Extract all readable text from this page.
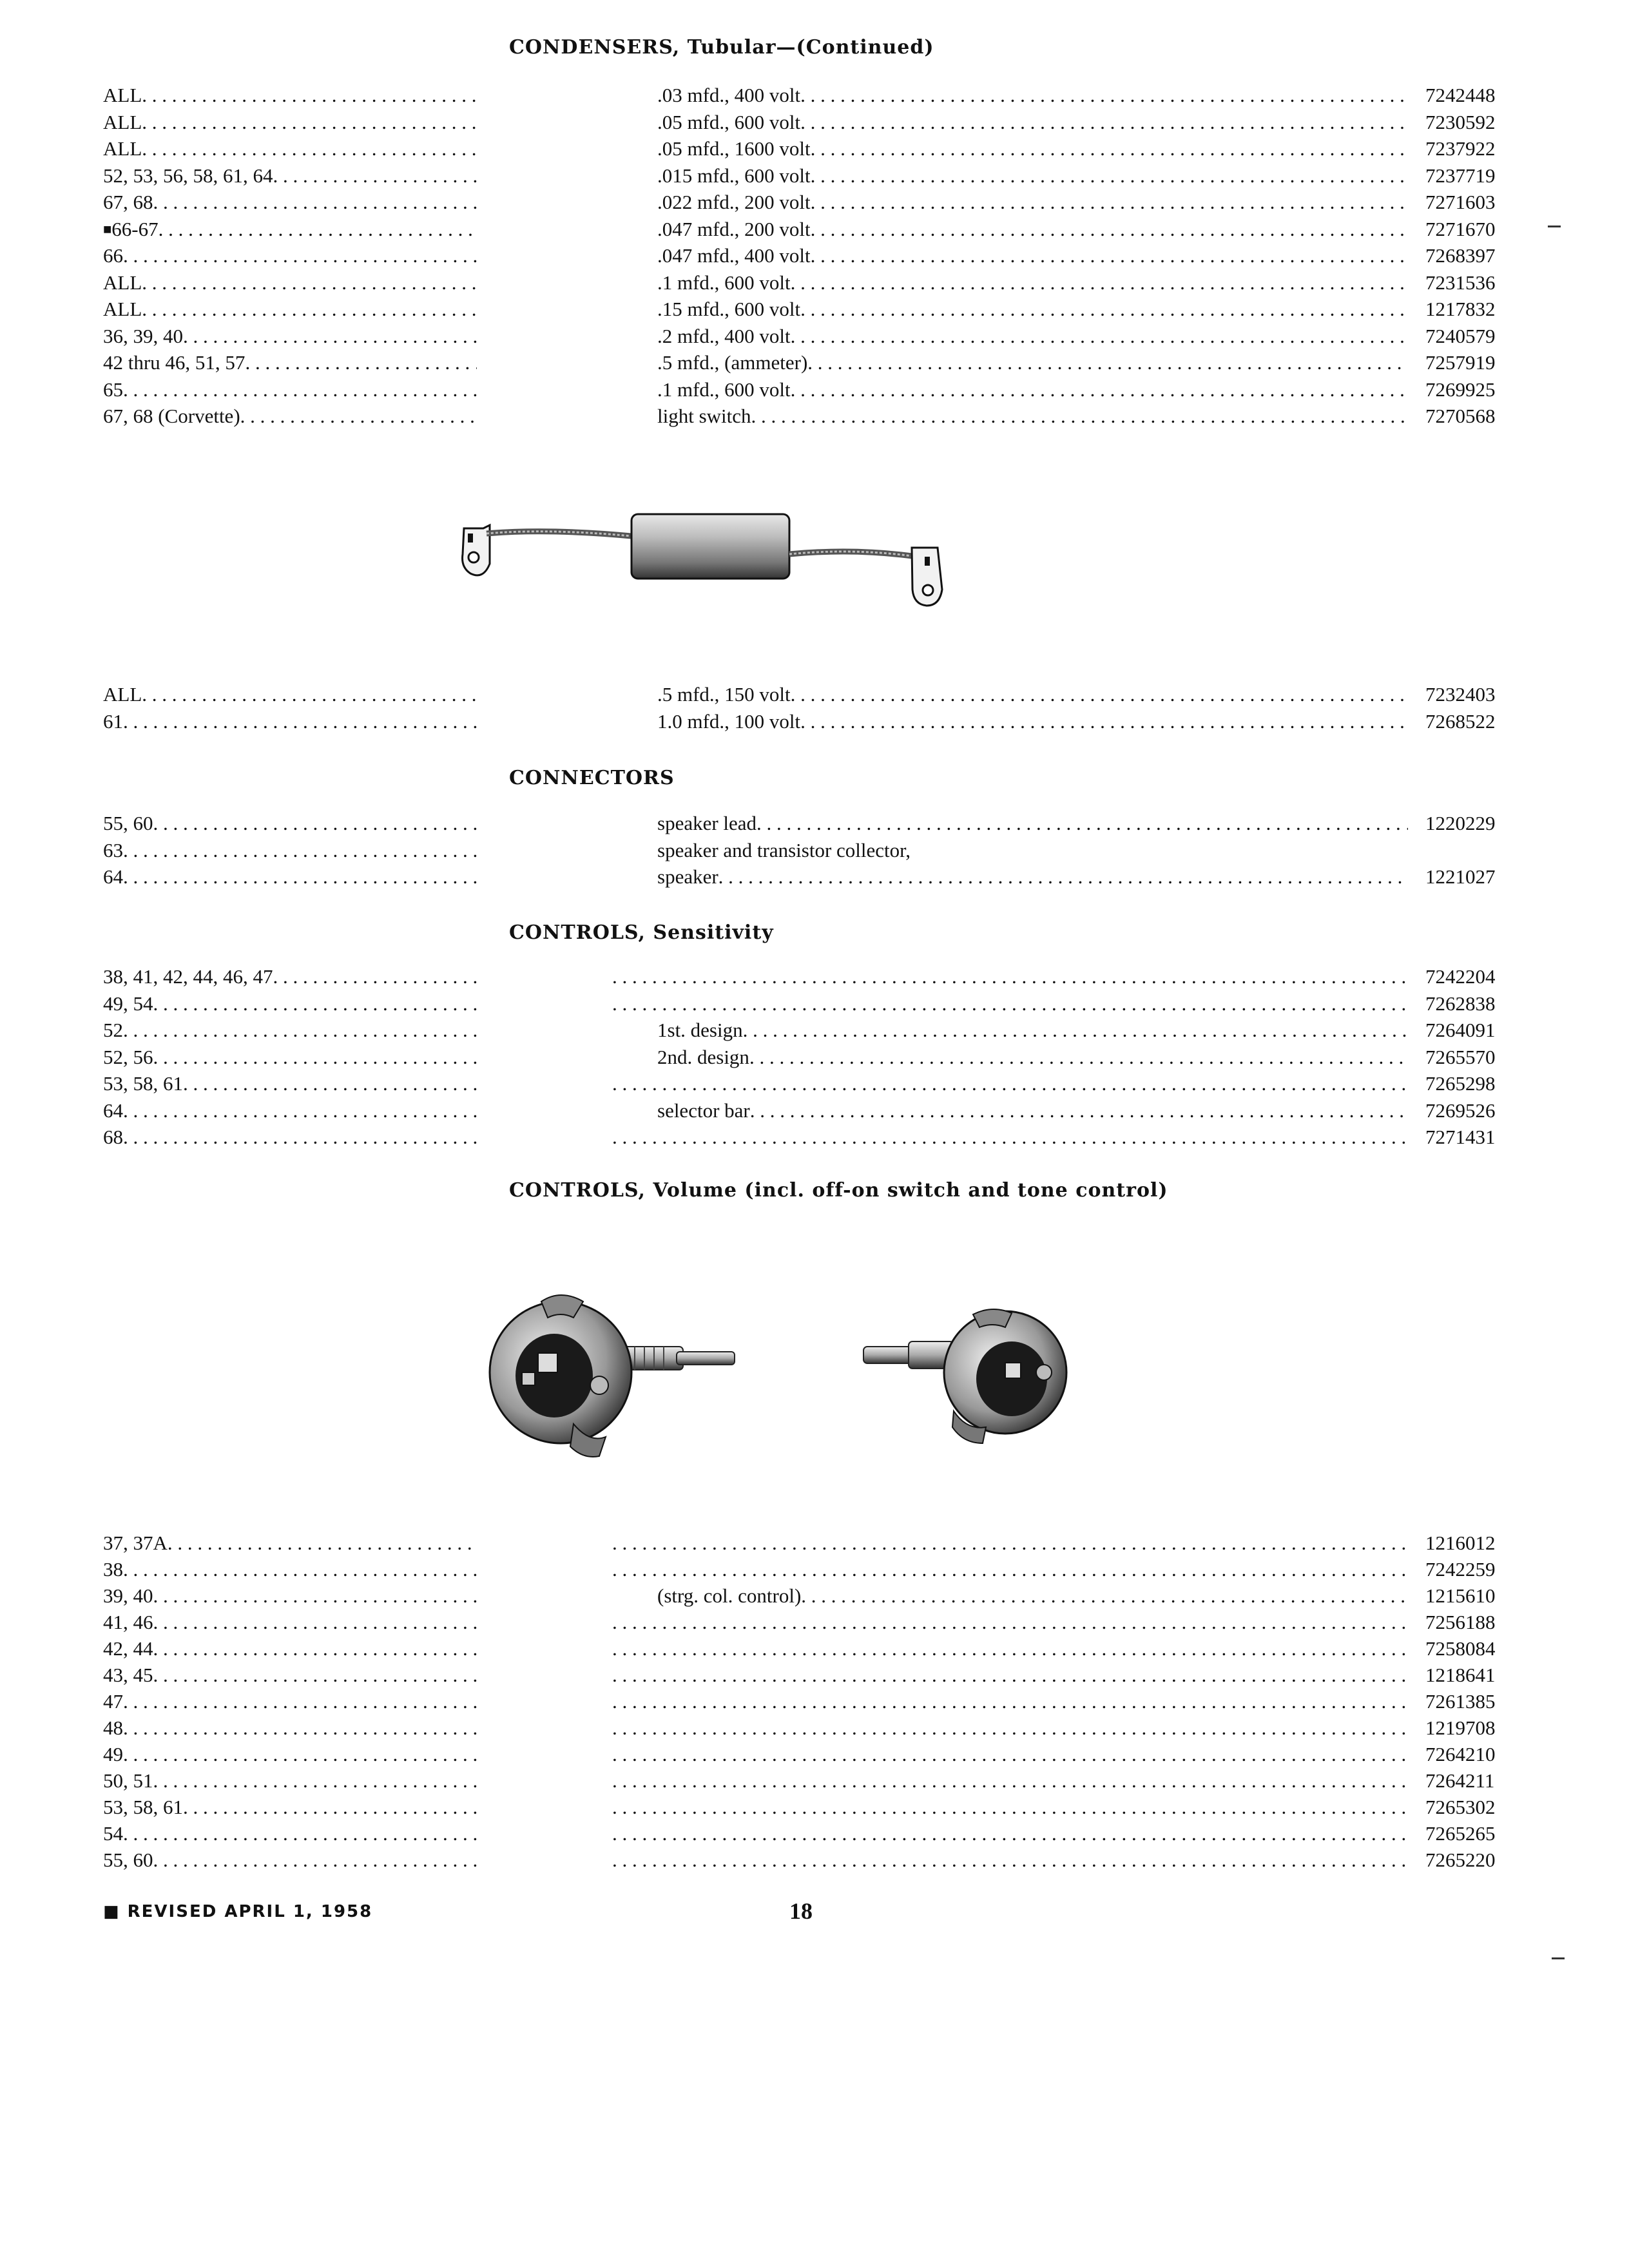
CONDENSERS, Tubular—(Continued)
ALL . . .	.03 mfd., 400 volt . . .	7242448
ALL . . .	.05 mfd., 600 volt . . .	7230592
ALL . . .	.05 mfd., 1600 volt . . .	7237922
52, 53, 56, 58, 61, 64 . . .	.015 mfd., 600 volt . . .	7237719
67, 68 . . .	.022 mfd., 200 volt . . .	7271603
■ 66-67 . . .	.047 mfd., 200 volt . . .	7271670
66 . . .	.047 mfd., 400 volt . . .	7268397
ALL . . .	.1 mfd., 600 volt . . .	7231536
ALL . . .	.15 mfd., 600 volt . . .	1217832
36, 39, 40 . . .	.2 mfd., 400 volt . . .	7240579
42 thru 46, 51, 57 . . .	.5 mfd., (ammeter) . . .	7257919
65 . . .	.1 mfd., 600 volt . . .	7269925
67, 68 (Corvette) . . .	light switch . . .	7270568
ALL . . .	.5 mfd., 150 volt . . .	7232403
61 . . .	1.0 mfd., 100 volt . . .	7268522
CONNECTORS
55, 60 . . .	speaker lead . . .	1220229
63 . . .	speaker and transistor collector,
64 . . .	speaker . . .	1221027
CONTROLS, Sensitivity
38, 41, 42, 44, 46, 47 . . . . . .	7242204
49, 54 . . . . . .	7262838
52 . . .	1st. design . . .	7264091
52, 56 . . .	2nd. design . . .	7265570
53, 58, 61 . . . . . .	7265298
64 . . .	selector bar . . .	7269526
68 . . . . . .	7271431
CONTROLS, Volume (incl. off-on switch and tone control)
37, 37A . . . . . .	1216012
38 . . . . . .	7242259
39, 40 . . .	(strg. col. control) . . .	1215610
41, 46 . . . . . .	7256188
42, 44 . . . . . .	7258084
43, 45 . . . . . .	1218641
47 . . . . . .	7261385
48 . . . . . .	1219708
49 . . . . . .	7264210
50, 51 . . . . . .	7264211
53, 58, 61 . . . . . .	7265302
54 . . . . . .	7265265
55, 60 . . . . . .	7265220
■ REVISED APRIL 1, 1958	18
